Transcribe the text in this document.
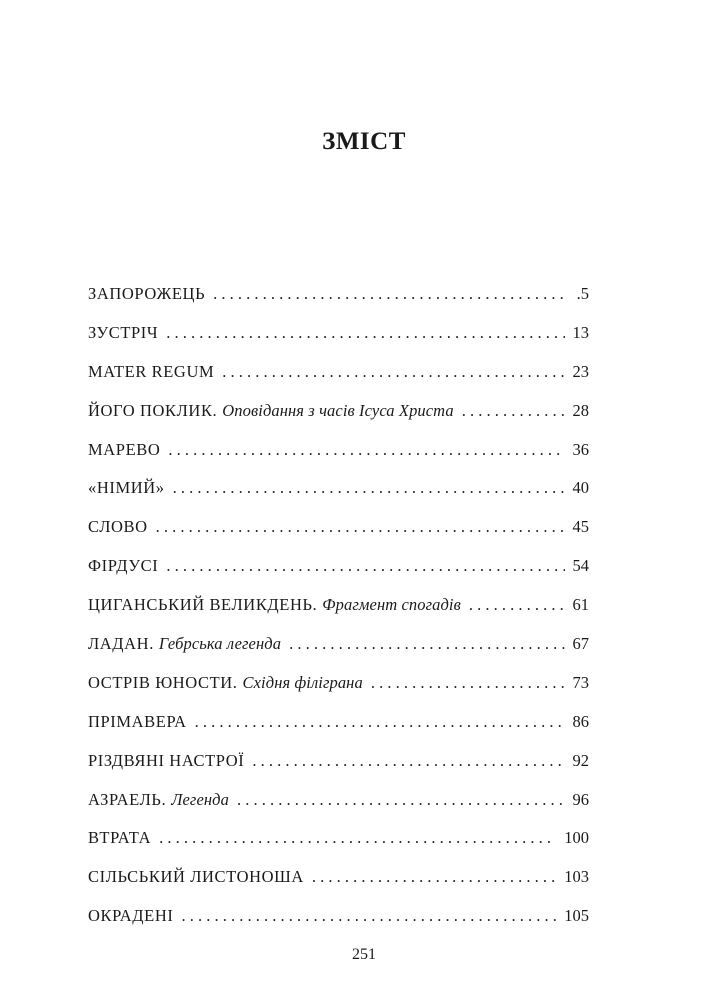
ЗМІСТ
ЗАПОРОЖЕЦЬ . . .	.5
ЗУСТРІЧ . . .	13
MATER REGUM . . .	23
ЙОГО ПОКЛИК. Оповідання з часів Ісуса Христа . . .	28
МАРЕВО . . .	36
«НІМИЙ» . . .	40
СЛОВО . . .	45
ФІРДУСІ . . .	54
ЦИГАНСЬКИЙ ВЕЛИКДЕНЬ. Фрагмент спогадів . . .	61
ЛАДАН. Гебрська легенда . . .	67
ОСТРІВ ЮНОСТИ. Східня філіграна . . .	73
ПРІМАВЕРА . . .	86
РІЗДВЯНІ НАСТРОЇ . . .	92
АЗРАЕЛЬ. Легенда . . .	96
ВТРАТА . . .	100
СІЛЬСЬКИЙ ЛИСТОНОША . . .	103
ОКРАДЕНІ . . .	105
251
